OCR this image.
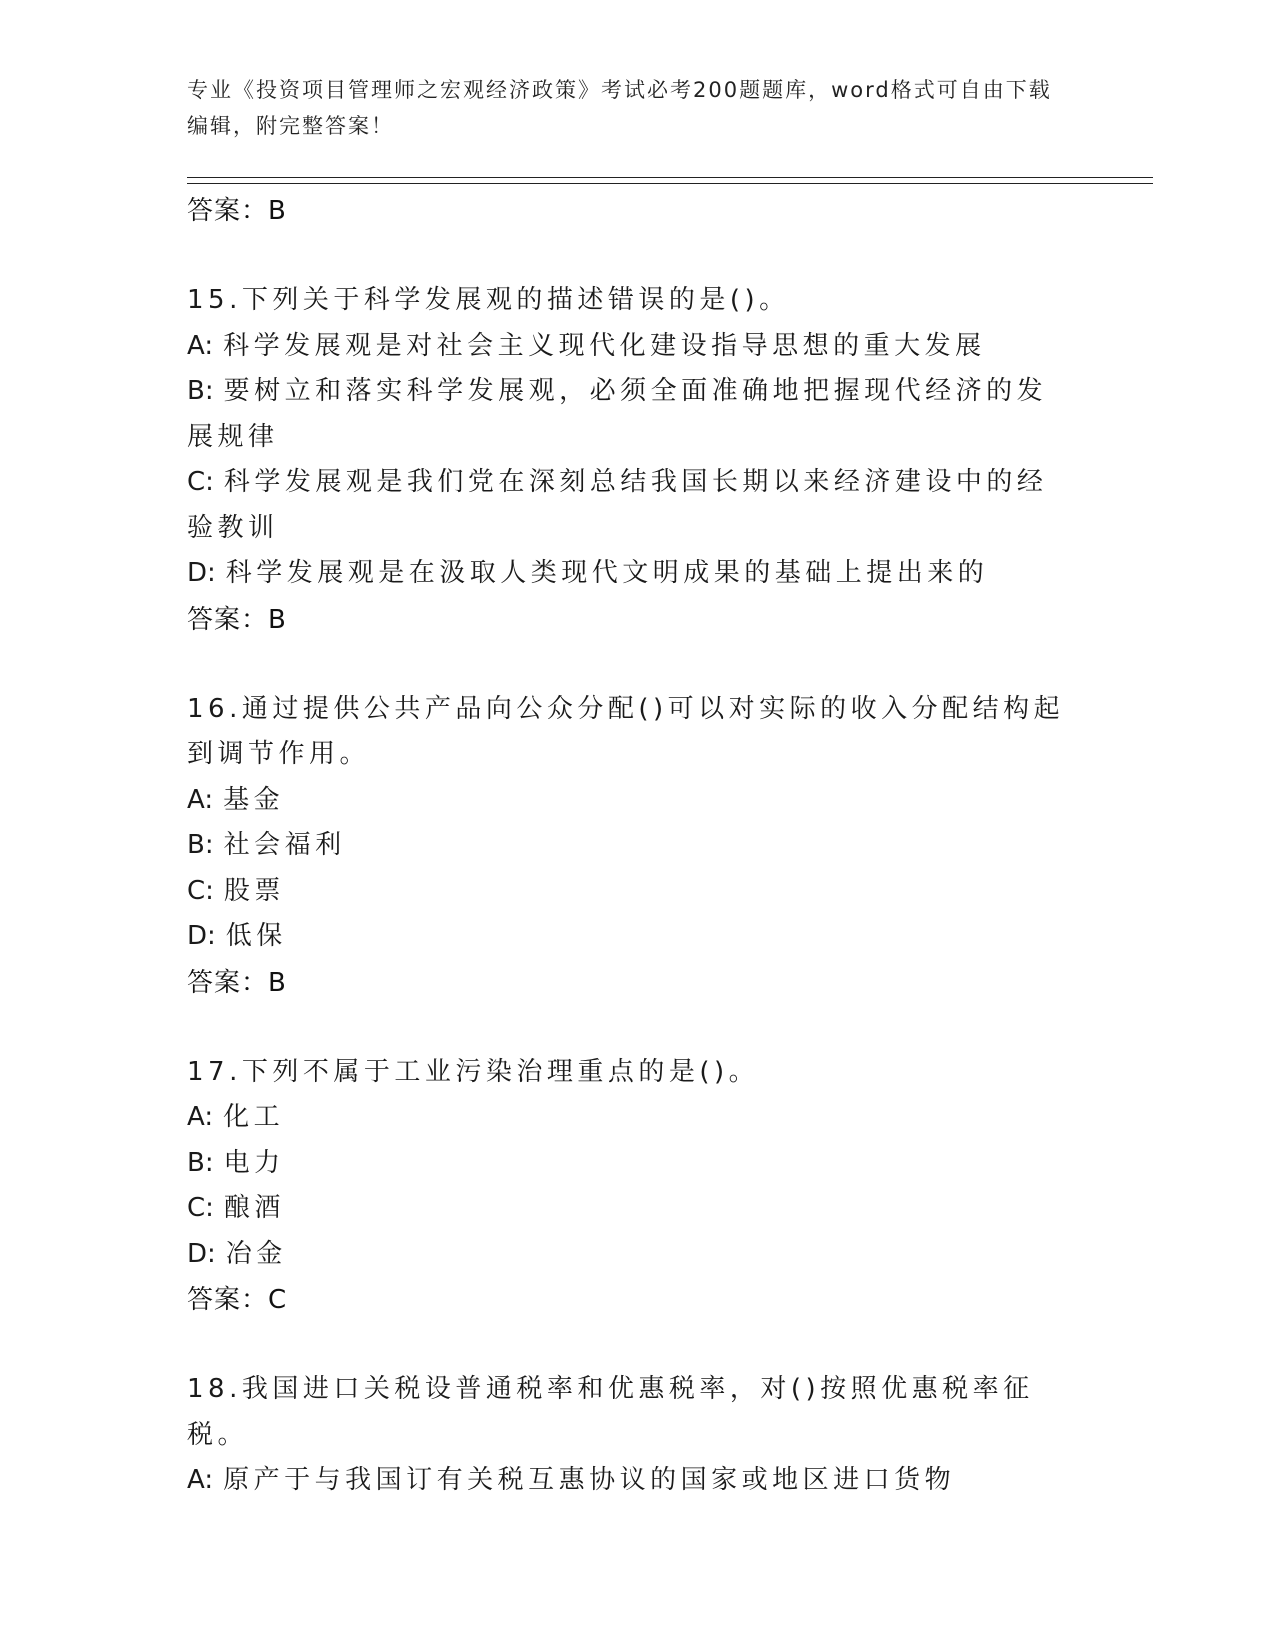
专业《投资项目管理师之宏观经济政策》考试必考200题题库，word格式可自由下载编辑，附完整答案！
答案：B

15.下列关于科学发展观的描述错误的是()。

A: 科学发展观是对社会主义现代化建设指导思想的重大发展

B: 要树立和落实科学发展观，必须全面准确地把握现代经济的发展规律

C: 科学发展观是我们党在深刻总结我国长期以来经济建设中的经验教训

D: 科学发展观是在汲取人类现代文明成果的基础上提出来的

答案：B

16.通过提供公共产品向公众分配()可以对实际的收入分配结构起到调节作用。

A: 基金

B: 社会福利

C: 股票

D: 低保

答案：B

17.下列不属于工业污染治理重点的是()。

A: 化工

B: 电力

C: 酿酒

D: 冶金

答案：C

18.我国进口关税设普通税率和优惠税率，对()按照优惠税率征税。

A: 原产于与我国订有关税互惠协议的国家或地区进口货物
